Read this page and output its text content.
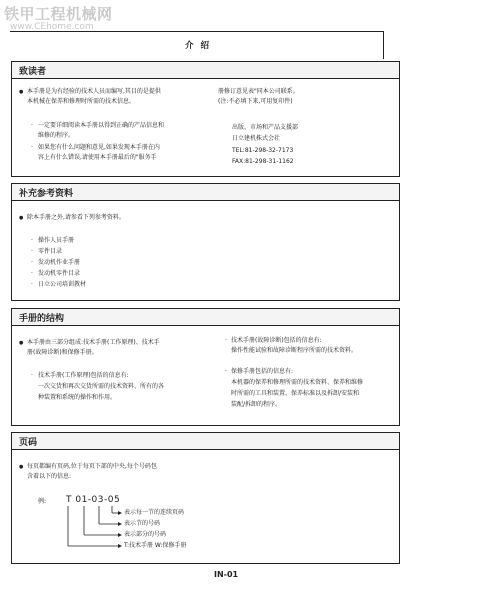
铁甲工程机械网
www.CEhome.com
介绍
致读者
● 本手册是为有经验的技术人员而编写,其目的是提供
本机械在保养和修理时所需的技术信息。
· 一定要详细阅读本手册以得到正确的产品信息和
维修的程序。
· 如果您有什么问题和意见,如果发现本手册在内
容上有什么错误,请使用本手册最后的"服务手
册修订意见表"同本公司联系。
(注:不必填下来,可用复印件)
出版、市场和产品支援部
日立建机株式会社
TEL:81-298-32-7173
FAX:81-298-31-1162
补充参考资料
● 除本手册之外,请参看下列参考资料。
· 操作人员手册
· 零件目录
· 发动机作业手册
· 发动机零件目录
· 日立公司培训教材
手册的结构
● 本手册由三部分组成:技术手册(工作原理)、技术手
册(故障诊断)和保修手册。
· 技术手册(工作原理)包括的信息有:
一次交货和再次交货所需的技术资料、所有的各
种装置和系统的操作和作用。
· 技术手册(故障诊断)包括的信息有:
操作性能试验和故障诊断程序所需的技术资料。
· 保修手册包括的信息有:
本机器的保养和修理所需的技术资料、保养和维修
时所需的工具和装置、保养标准以及拆卸/安装和
装配/拆卸的程序。
页码
● 每页都编有页码,位于每页下部的中央,每个号码包
含着以下的信息:
例: T 01-03-05
表示每一节的连续页码
表示节的号码
表示部分的号码
T:技术手册 W:保修手册
IN-01
